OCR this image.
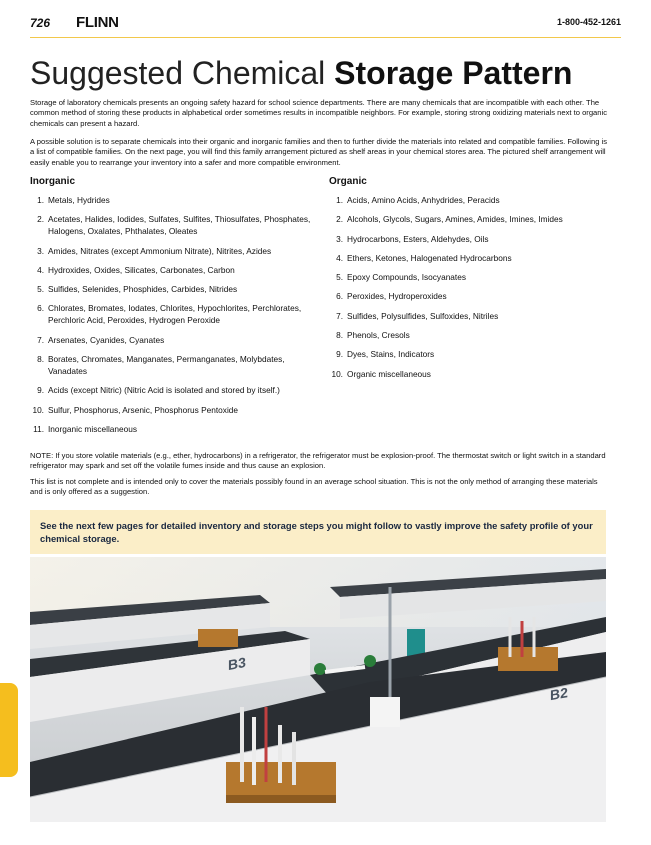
726 FLINN	1-800-452-1261
Suggested Chemical Storage Pattern

Storage of laboratory chemicals presents an ongoing safety hazard for school science departments. There are many chemicals that are incompatible with each other. The common method of storing these products in alphabetical order sometimes results in incompatible neighbors. For example, storing strong oxidizing materials next to organic chemicals can present a hazard.

A possible solution is to separate chemicals into their organic and inorganic families and then to further divide the materials into related and compatible families. Following is a list of compatible families. On the next page, you will find this family arrangement pictured as shelf areas in your chemical stores area. The pictured shelf arrangement will easily enable you to rearrange your inventory into a safer and more compatible environment.

Inorganic
1. Metals, Hydrides
2. Acetates, Halides, Iodides, Sulfates, Sulfites, Thiosulfates, Phosphates, Halogens, Oxalates, Phthalates, Oleates
3. Amides, Nitrates (except Ammonium Nitrate), Nitrites, Azides
4. Hydroxides, Oxides, Silicates, Carbonates, Carbon
5. Sulfides, Selenides, Phosphides, Carbides, Nitrides
6. Chlorates, Bromates, Iodates, Chlorites, Hypochlorites, Perchlorates, Perchloric Acid, Peroxides, Hydrogen Peroxide
7. Arsenates, Cyanides, Cyanates
8. Borates, Chromates, Manganates, Permanganates, Molybdates, Vanadates
9. Acids (except Nitric) (Nitric Acid is isolated and stored by itself.)
10. Sulfur, Phosphorus, Arsenic, Phosphorus Pentoxide
11. Inorganic miscellaneous
Organic
1. Acids, Amino Acids, Anhydrides, Peracids
2. Alcohols, Glycols, Sugars, Amines, Amides, Imines, Imides
3. Hydrocarbons, Esters, Aldehydes, Oils
4. Ethers, Ketones, Halogenated Hydrocarbons
5. Epoxy Compounds, Isocyanates
6. Peroxides, Hydroperoxides
7. Sulfides, Polysulfides, Sulfoxides, Nitriles
8. Phenols, Cresols
9. Dyes, Stains, Indicators
10. Organic miscellaneous

NOTE: If you store volatile materials (e.g., ether, hydrocarbons) in a refrigerator, the refrigerator must be explosion-proof. The thermostat switch or light switch in a standard refrigerator may spark and set off the volatile fumes inside and thus cause an explosion.

This list is not complete and is intended only to cover the materials possibly found in an average school situation. This is not the only method of arranging these materials and is only offered as a suggestion.

See the next few pages for detailed inventory and storage steps you might follow to vastly improve the safety profile of your chemical storage.
B3
B2
